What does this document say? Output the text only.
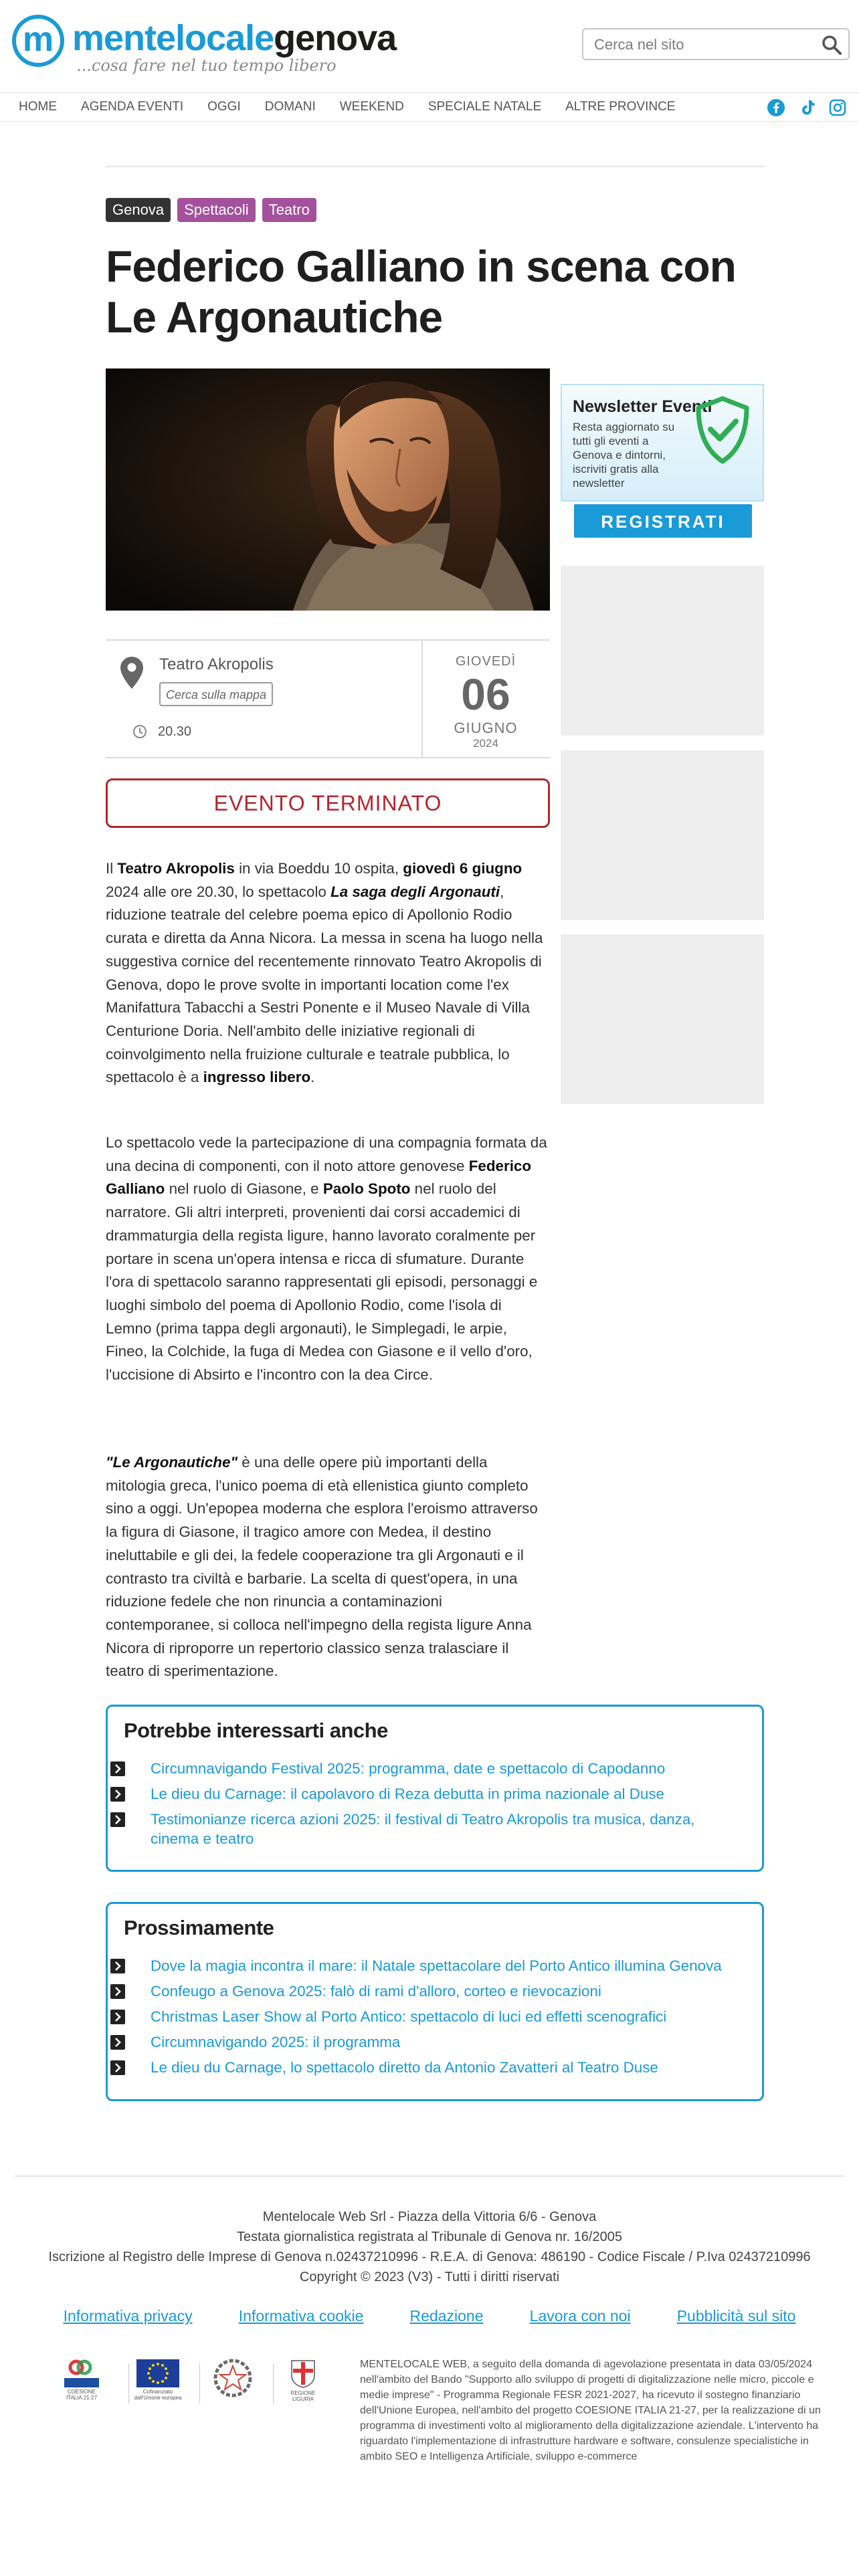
m mentelocalegenova
...cosa fare nel tuo tempo libero
Cerca nel sito
HOME	AGENDA EVENTI	OGGI	DOMANI	WEEKEND	SPECIALE NATALE	ALTRE PROVINCE
Genova	Spettacoli	Teatro
Federico Galliano in scena con Le Argonautiche
Teatro Akropolis
Cerca sulla mappa
20.30
GIOVEDÌ
06
GIUGNO
2024
EVENTO TERMINATO

Il Teatro Akropolis in via Boeddu 10 ospita, giovedì 6 giugno 2024 alle ore 20.30, lo spettacolo La saga degli Argonauti, riduzione teatrale del celebre poema epico di Apollonio Rodio curata e diretta da Anna Nicora. La messa in scena ha luogo nella suggestiva cornice del recentemente rinnovato Teatro Akropolis di Genova, dopo le prove svolte in importanti location come l'ex Manifattura Tabacchi a Sestri Ponente e il Museo Navale di Villa Centurione Doria. Nell'ambito delle iniziative regionali di coinvolgimento nella fruizione culturale e teatrale pubblica, lo spettacolo è a ingresso libero.

Lo spettacolo vede la partecipazione di una compagnia formata da una decina di componenti, con il noto attore genovese Federico Galliano nel ruolo di Giasone, e Paolo Spoto nel ruolo del narratore. Gli altri interpreti, provenienti dai corsi accademici di drammaturgia della regista ligure, hanno lavorato coralmente per portare in scena un'opera intensa e ricca di sfumature. Durante l'ora di spettacolo saranno rappresentati gli episodi, personaggi e luoghi simbolo del poema di Apollonio Rodio, come l'isola di Lemno (prima tappa degli argonauti), le Simplegadi, le arpie, Fineo, la Colchide, la fuga di Medea con Giasone e il vello d'oro, l'uccisione di Absirto e l'incontro con la dea Circe.

"Le Argonautiche" è una delle opere più importanti della mitologia greca, l'unico poema di età ellenistica giunto completo sino a oggi. Un'epopea moderna che esplora l'eroismo attraverso la figura di Giasone, il tragico amore con Medea, il destino ineluttabile e gli dei, la fedele cooperazione tra gli Argonauti e il contrasto tra civiltà e barbarie. La scelta di quest'opera, in una riduzione fedele che non rinuncia a contaminazioni contemporanee, si colloca nell'impegno della regista ligure Anna Nicora di riproporre un repertorio classico senza tralasciare il teatro di sperimentazione.

Newsletter Eventi
Resta aggiornato su tutti gli eventi a Genova e dintorni, iscriviti gratis alla newsletter
REGISTRATI
Potrebbe interessarti anche
Circumnavigando Festival 2025: programma, date e spettacolo di Capodanno
Le dieu du Carnage: il capolavoro di Reza debutta in prima nazionale al Duse
Testimonianze ricerca azioni 2025: il festival di Teatro Akropolis tra musica, danza, cinema e teatro
Prossimamente
Dove la magia incontra il mare: il Natale spettacolare del Porto Antico illumina Genova
Confeugo a Genova 2025: falò di rami d'alloro, corteo e rievocazioni
Christmas Laser Show al Porto Antico: spettacolo di luci ed effetti scenografici
Circumnavigando 2025: il programma
Le dieu du Carnage, lo spettacolo diretto da Antonio Zavatteri al Teatro Duse
Mentelocale Web Srl - Piazza della Vittoria 6/6 - Genova
Testata giornalistica registrata al Tribunale di Genova nr. 16/2005
Iscrizione al Registro delle Imprese di Genova n.02437210996 - R.E.A. di Genova: 486190 - Codice Fiscale / P.Iva 02437210996
Copyright © 2023 (V3) - Tutti i diritti riservati
Informativa privacy	Informativa cookie	Redazione	Lavora con noi	Pubblicità sul sito
COESIONE ITALIA 21-27
Cofinanziato dall'Unione europea
REGIONE LIGURIA
MENTELOCALE WEB, a seguito della domanda di agevolazione presentata in data 03/05/2024 nell'ambito del Bando "Supporto allo sviluppo di progetti di digitalizzazione nelle micro, piccole e medie imprese" - Programma Regionale FESR 2021-2027, ha ricevuto il sostegno finanziario dell'Unione Europea, nell'ambito del progetto COESIONE ITALIA 21-27, per la realizzazione di un programma di investimenti volto al miglioramento della digitalizzazione aziendale. L'intervento ha riguardato l'implementazione di infrastrutture hardware e software, consulenze specialistiche in ambito SEO e Intelligenza Artificiale, sviluppo e-commerce
